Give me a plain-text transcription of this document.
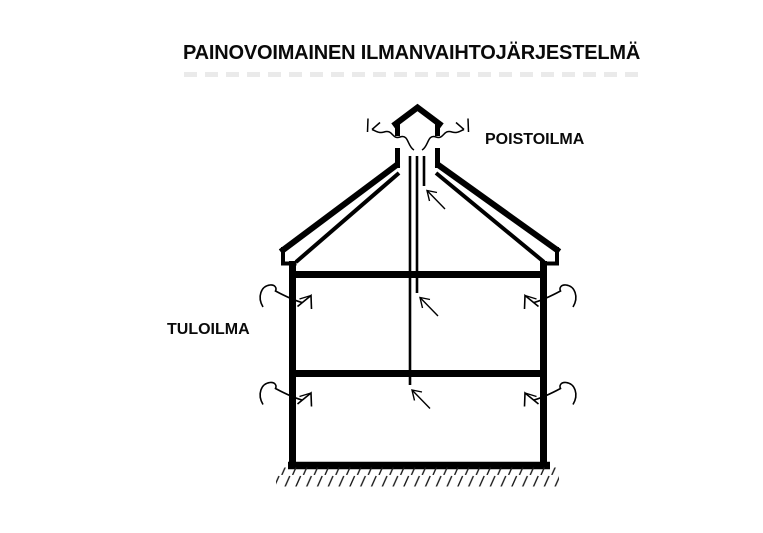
PAINOVOIMAINEN ILMANVAIHTOJÄRJESTELMÄ
POISTOILMA
TULOILMA
